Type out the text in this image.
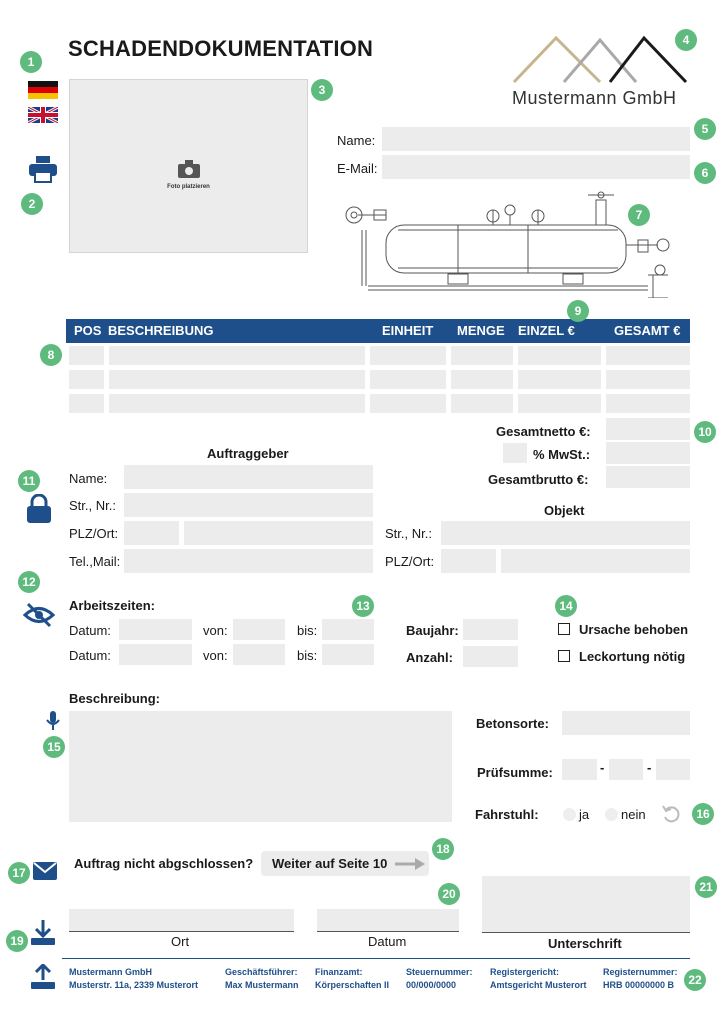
SCHADENDOKUMENTATION
Mustermann GmbH
Foto platzieren
Name:
E-Mail:
POS BESCHREIBUNG	EINHEIT MENGE EINZEL €	GESAMT €
Gesamtnetto €:
% MwSt.:
Gesamtbrutto €:
Auftraggeber
Name:
Str., Nr.:
PLZ/Ort:
Tel.,Mail:
Objekt
Str., Nr.:
PLZ/Ort:
Arbeitszeiten:
Datum:	von:	bis:
Datum:	von:	bis:
Baujahr:
Anzahl:
Ursache behoben
Leckortung nötig
Beschreibung:
Betonsorte:
Prüfsumme:	-	-
Fahrstuhl:	ja nein
Auftrag nicht abgschlossen? Weiter auf Seite 10
Ort	Datum	Unterschrift
Mustermann GmbH
Musterstr. 11a, 2339 Musterort
Geschäftsführer:
Max Mustermann
Finanzamt:
Körperschaften II
Steuernummer:
00/000/0000
Registergericht:
Amtsgericht Musterort
Registernummer:
HRB 00000000 B
1
2
3
4
5
6
7
8
9
10
11
12
13	14
15
16
17
18
19
20	21
22
